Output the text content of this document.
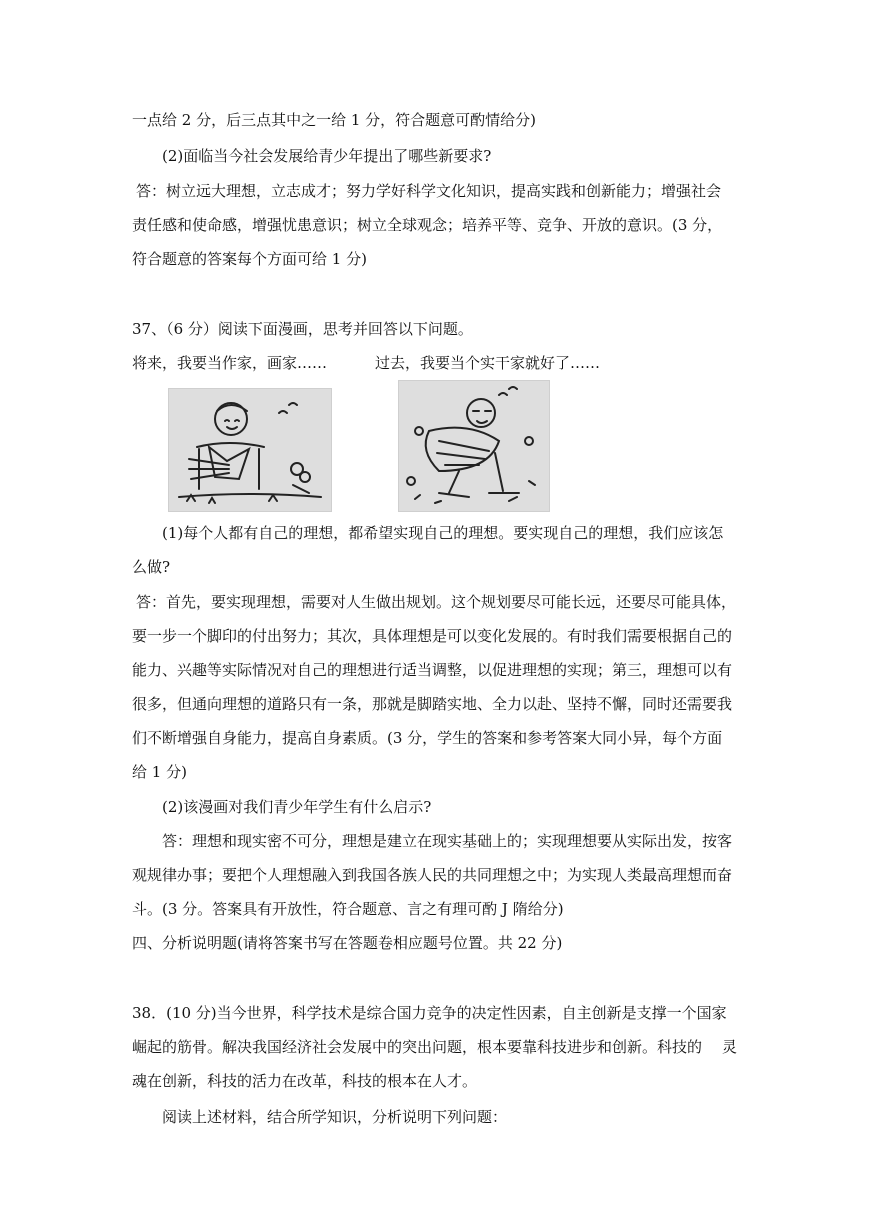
一点给 2 分，后三点其中之一给 1 分，符合题意可酌情给分)
(2)面临当今社会发展给青少年提出了哪些新要求?
答：树立远大理想，立志成才；努力学好科学文化知识，提高实践和创新能力；增强社会
责任感和使命感，增强忧患意识；树立全球观念；培养平等、竞争、开放的意识。(3 分，
符合题意的答案每个方面可给 1 分)
37、（6 分）阅读下面漫画，思考并回答以下问题。
将来，我要当作家，画家……	过去，我要当个实干家就好了……
(1)每个人都有自己的理想，都希望实现自己的理想。要实现自己的理想，我们应该怎
么做?
答：首先，要实现理想，需要对人生做出规划。这个规划要尽可能长远，还要尽可能具体，
要一步一个脚印的付出努力；其次，具体理想是可以变化发展的。有时我们需要根据自己的
能力、兴趣等实际情况对自己的理想进行适当调整，以促进理想的实现；第三，理想可以有
很多，但通向理想的道路只有一条，那就是脚踏实地、全力以赴、坚持不懈，同时还需要我
们不断增强自身能力，提高自身素质。(3 分，学生的答案和参考答案大同小异，每个方面
给 1 分)
(2)该漫画对我们青少年学生有什么启示?
答：理想和现实密不可分，理想是建立在现实基础上的；实现理想要从实际出发，按客
观规律办事；要把个人理想融入到我国各族人民的共同理想之中；为实现人类最高理想而奋
斗。(3 分。答案具有开放性，符合题意、言之有理可酌 J 隋给分)
四、分析说明题(请将答案书写在答题卷相应题号位置。共 22 分)
38．(10 分)当今世界，科学技术是综合国力竞争的决定性因素，自主创新是支撑一个国家
崛起的筋骨。解决我国经济社会发展中的突出问题，根本要靠科技进步和创新。科技的 灵
魂在创新，科技的活力在改革，科技的根本在人才。
阅读上述材料，结合所学知识，分析说明下列问题：
